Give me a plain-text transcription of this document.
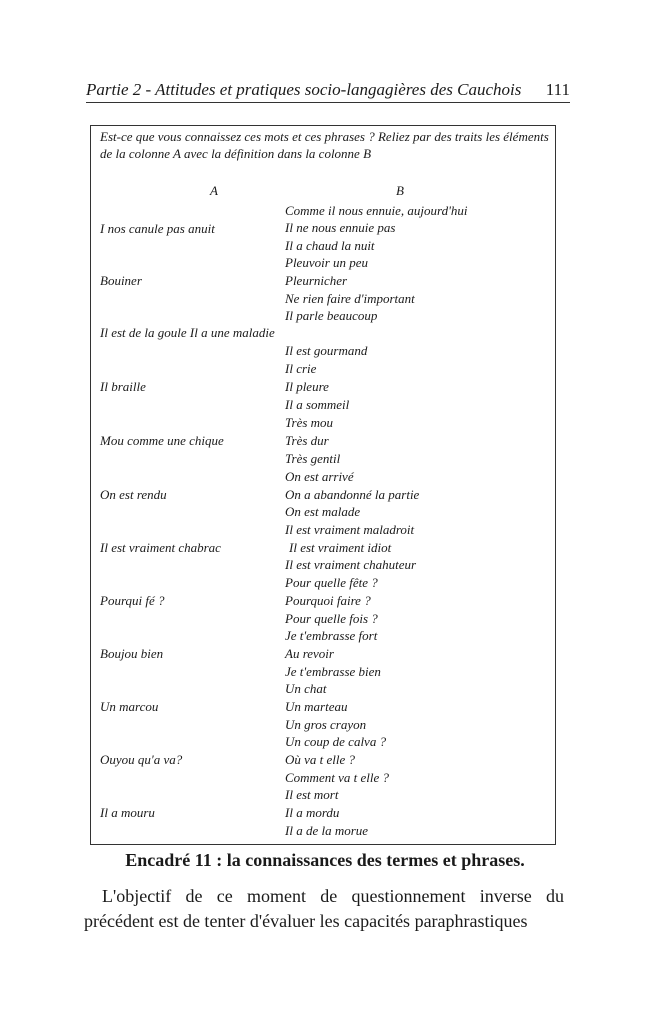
Partie 2 - Attitudes et pratiques socio-langagières des Cauchois 111
Est-ce que vous connaissez ces mots et ces phrases ? Reliez par des traits les éléments de la colonne A avec la définition dans la colonne B
A	B
I nos canule pas anuit
Bouiner
Il est de la goule Il a une maladie
Il braille
Mou comme une chique
On est rendu
Il est vraiment chabrac
Pourqui fé ?
Boujou bien
Un marcou
Ouyou qu'a va?
Il a mouru
Comme il nous ennuie, aujourd'hui
Il ne nous ennuie pas
Il a chaud la nuit
Pleuvoir un peu
Pleurnicher
Ne rien faire d'important
Il parle beaucoup
Il est gourmand
Il crie
Il pleure
Il a sommeil
Très mou
Très dur
Très gentil
On est arrivé
On a abandonné la partie
On est malade
Il est vraiment maladroit
Il est vraiment idiot
Il est vraiment chahuteur
Pour quelle fête ?
Pourquoi faire ?
Pour quelle fois ?
Je t'embrasse fort
Au revoir
Je t'embrasse bien
Un chat
Un marteau
Un gros crayon
Un coup de calva ?
Où va t elle ?
Comment va t elle ?
Il est mort
Il a mordu
Il a de la morue
Encadré 11 : la connaissances des termes et phrases.
L'objectif de ce moment de questionnement inverse du précédent est de tenter d'évaluer les capacités paraphrastiques
